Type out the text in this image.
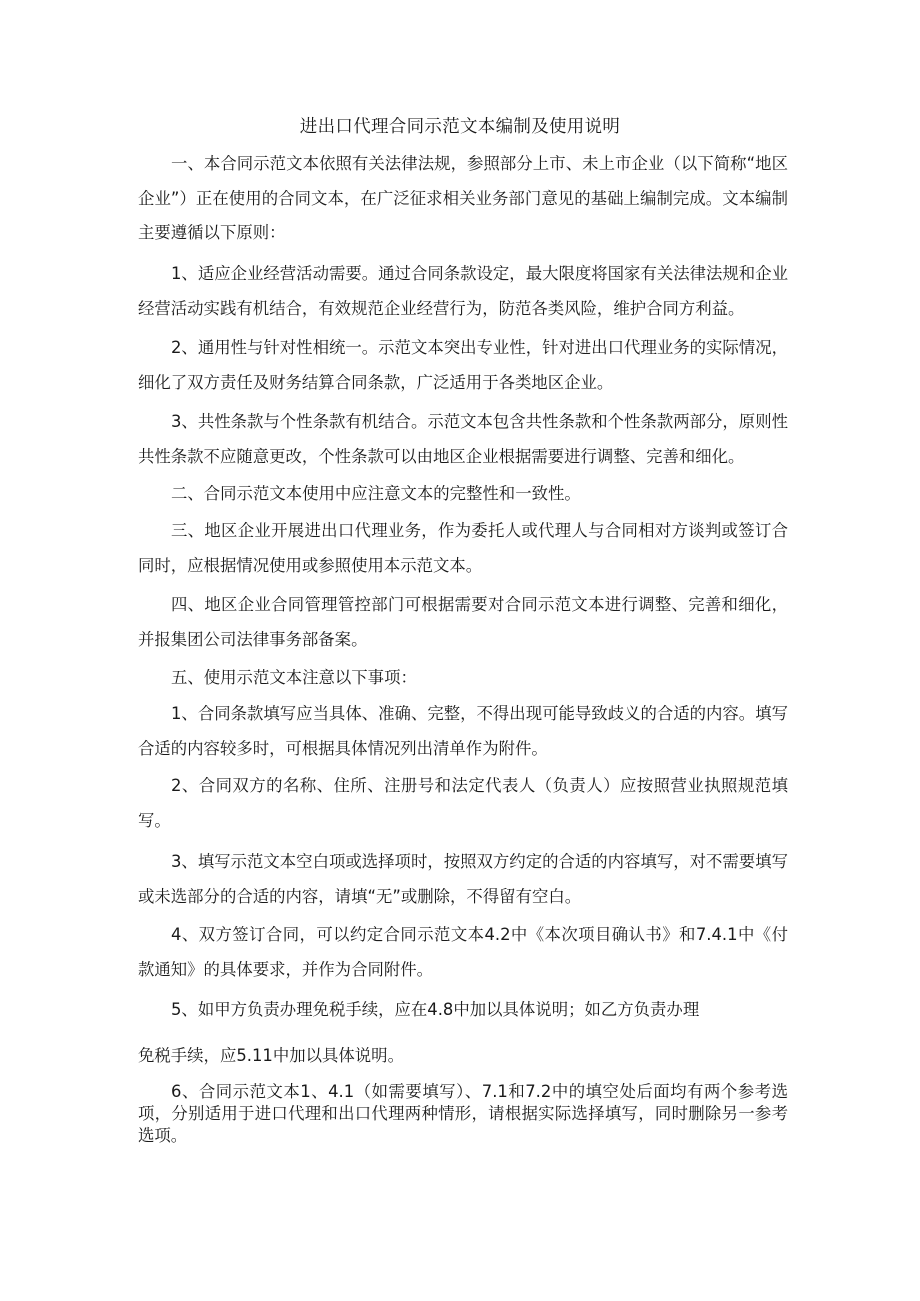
进出口代理合同示范文本编制及使用说明

一、本合同示范文本依照有关法律法规，参照部分上市、未上市企业（以下简称“地区企业”）正在使用的合同文本，在广泛征求相关业务部门意见的基础上编制完成。文本编制主要遵循以下原则：

1、适应企业经营活动需要。通过合同条款设定，最大限度将国家有关法律法规和企业经营活动实践有机结合，有效规范企业经营行为，防范各类风险，维护合同方利益。

2、通用性与针对性相统一。示范文本突出专业性，针对进出口代理业务的实际情况，细化了双方责任及财务结算合同条款，广泛适用于各类地区企业。

3、共性条款与个性条款有机结合。示范文本包含共性条款和个性条款两部分，原则性共性条款不应随意更改，个性条款可以由地区企业根据需要进行调整、完善和细化。

二、合同示范文本使用中应注意文本的完整性和一致性。

三、地区企业开展进出口代理业务，作为委托人或代理人与合同相对方谈判或签订合同时，应根据情况使用或参照使用本示范文本。

四、地区企业合同管理管控部门可根据需要对合同示范文本进行调整、完善和细化，并报集团公司法律事务部备案。

五、使用示范文本注意以下事项：

1、合同条款填写应当具体、准确、完整，不得出现可能导致歧义的合适的内容。填写合适的内容较多时，可根据具体情况列出清单作为附件。

2、合同双方的名称、住所、注册号和法定代表人（负责人）应按照营业执照规范填写。

3、填写示范文本空白项或选择项时，按照双方约定的合适的内容填写，对不需要填写或未选部分的合适的内容，请填“无”或删除，不得留有空白。

4、双方签订合同，可以约定合同示范文本4.2中《本次项目确认书》和7.4.1中《付款通知》的具体要求，并作为合同附件。

5、如甲方负责办理免税手续，应在4.8中加以具体说明；如乙方负责办理

免税手续，应5.11中加以具体说明。

6、合同示范文本1、4.1（如需要填写）、7.1和7.2中的填空处后面均有两个参考选项，分别适用于进口代理和出口代理两种情形，请根据实际选择填写，同时删除另一参考选项。
